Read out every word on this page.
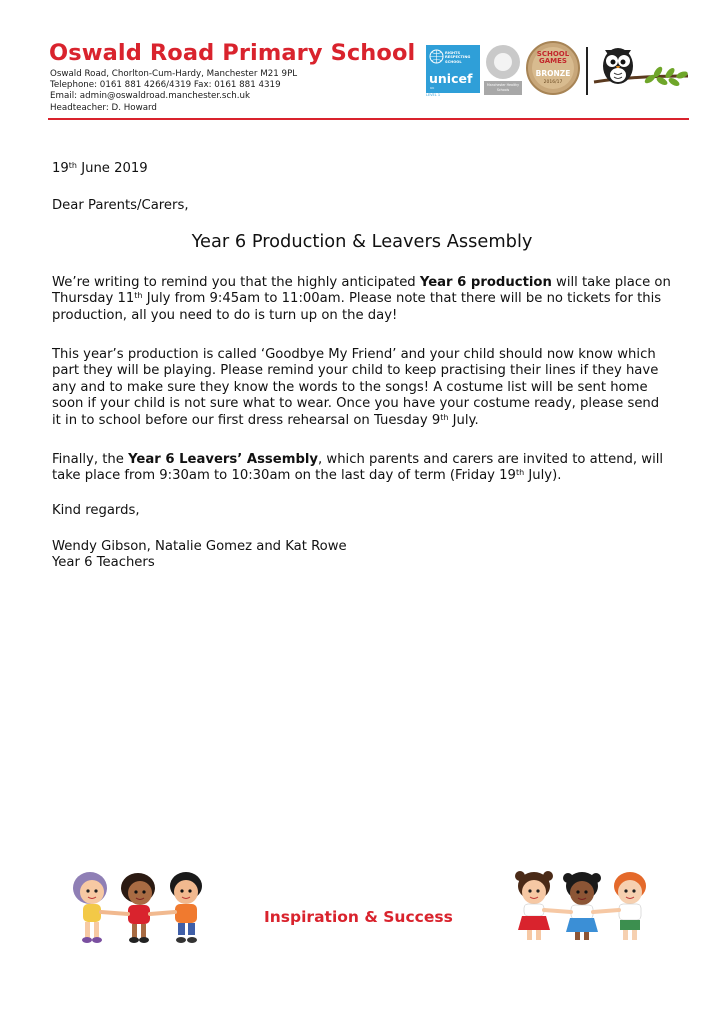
Oswald Road Primary School
Oswald Road, Chorlton-Cum-Hardy, Manchester M21 9PL
Telephone: 0161 881 4266/4319 Fax: 0161 881 4319
Email: admin@oswaldroad.manchester.sch.uk
Headteacher: D. Howard
RIGHTS RESPECTING SCHOOL
unicef
UK
LEVEL 1
Manchester Healthy Schools
SCHOOL GAMES
BRONZE
2016/17
19th June 2019
Dear Parents/Carers,
Year 6 Production & Leavers Assembly
We’re writing to remind you that the highly anticipated Year 6 production will take place on Thursday 11th July from 9:45am to 11:00am. Please note that there will be no tickets for this production, all you need to do is turn up on the day!
This year’s production is called ‘Goodbye My Friend’ and your child should now know which part they will be playing. Please remind your child to keep practising their lines if they have any and to make sure they know the words to the songs! A costume list will be sent home soon if your child is not sure what to wear. Once you have your costume ready, please send it in to school before our first dress rehearsal on Tuesday 9th July.
Finally, the Year 6 Leavers’ Assembly, which parents and carers are invited to attend, will take place from 9:30am to 10:30am on the last day of term (Friday 19th July).
Kind regards,
Wendy Gibson, Natalie Gomez and Kat Rowe
Year 6 Teachers
Inspiration & Success
